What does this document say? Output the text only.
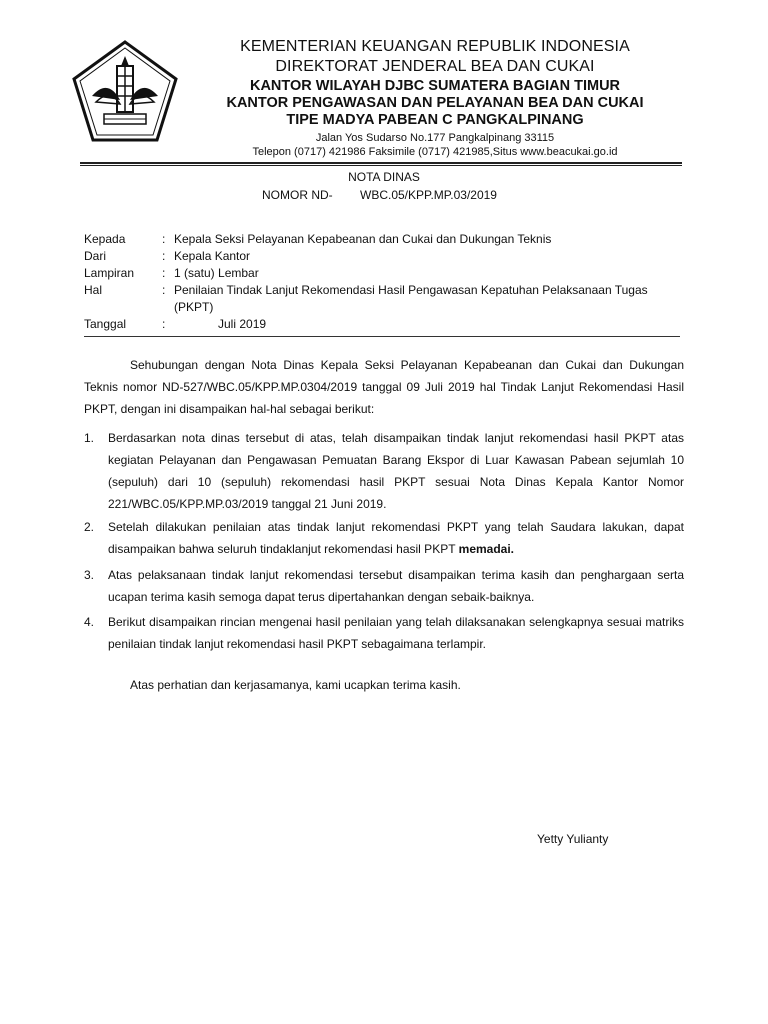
KEMENTERIAN KEUANGAN REPUBLIK INDONESIA
DIREKTORAT JENDERAL BEA DAN CUKAI
KANTOR WILAYAH DJBC SUMATERA BAGIAN TIMUR
KANTOR PENGAWASAN DAN PELAYANAN BEA DAN CUKAI
TIPE MADYA PABEAN C PANGKALPINANG
Jalan Yos Sudarso No.177 Pangkalpinang 33115
Telepon (0717) 421986 Faksimile (0717) 421985,Situs www.beacukai.go.id
NOTA DINAS
NOMOR ND- WBC.05/KPP.MP.03/2019
Kepada	: Kepala Seksi Pelayanan Kepabeanan dan Cukai dan Dukungan Teknis
Dari	: Kepala Kantor
Lampiran : 1 (satu) Lembar
Hal	: Penilaian Tindak Lanjut Rekomendasi Hasil Pengawasan Kepatuhan Pelaksanaan Tugas (PKPT)
Tanggal	:	Juli 2019
Sehubungan dengan Nota Dinas Kepala Seksi Pelayanan Kepabeanan dan Cukai dan Dukungan Teknis nomor ND-527/WBC.05/KPP.MP.0304/2019 tanggal 09 Juli 2019 hal Tindak Lanjut Rekomendasi Hasil PKPT, dengan ini disampaikan hal-hal sebagai berikut:
1. Berdasarkan nota dinas tersebut di atas, telah disampaikan tindak lanjut rekomendasi hasil PKPT atas kegiatan Pelayanan dan Pengawasan Pemuatan Barang Ekspor di Luar Kawasan Pabean sejumlah 10 (sepuluh) dari 10 (sepuluh) rekomendasi hasil PKPT sesuai Nota Dinas Kepala Kantor Nomor 221/WBC.05/KPP.MP.03/2019 tanggal 21 Juni 2019.
2. Setelah dilakukan penilaian atas tindak lanjut rekomendasi PKPT yang telah Saudara lakukan, dapat disampaikan bahwa seluruh tindaklanjut rekomendasi hasil PKPT memadai.
3. Atas pelaksanaan tindak lanjut rekomendasi tersebut disampaikan terima kasih dan penghargaan serta ucapan terima kasih semoga dapat terus dipertahankan dengan sebaik-baiknya.
4. Berikut disampaikan rincian mengenai hasil penilaian yang telah dilaksanakan selengkapnya sesuai matriks penilaian tindak lanjut rekomendasi hasil PKPT sebagaimana terlampir.
Atas perhatian dan kerjasamanya, kami ucapkan terima kasih.
Yetty Yulianty
